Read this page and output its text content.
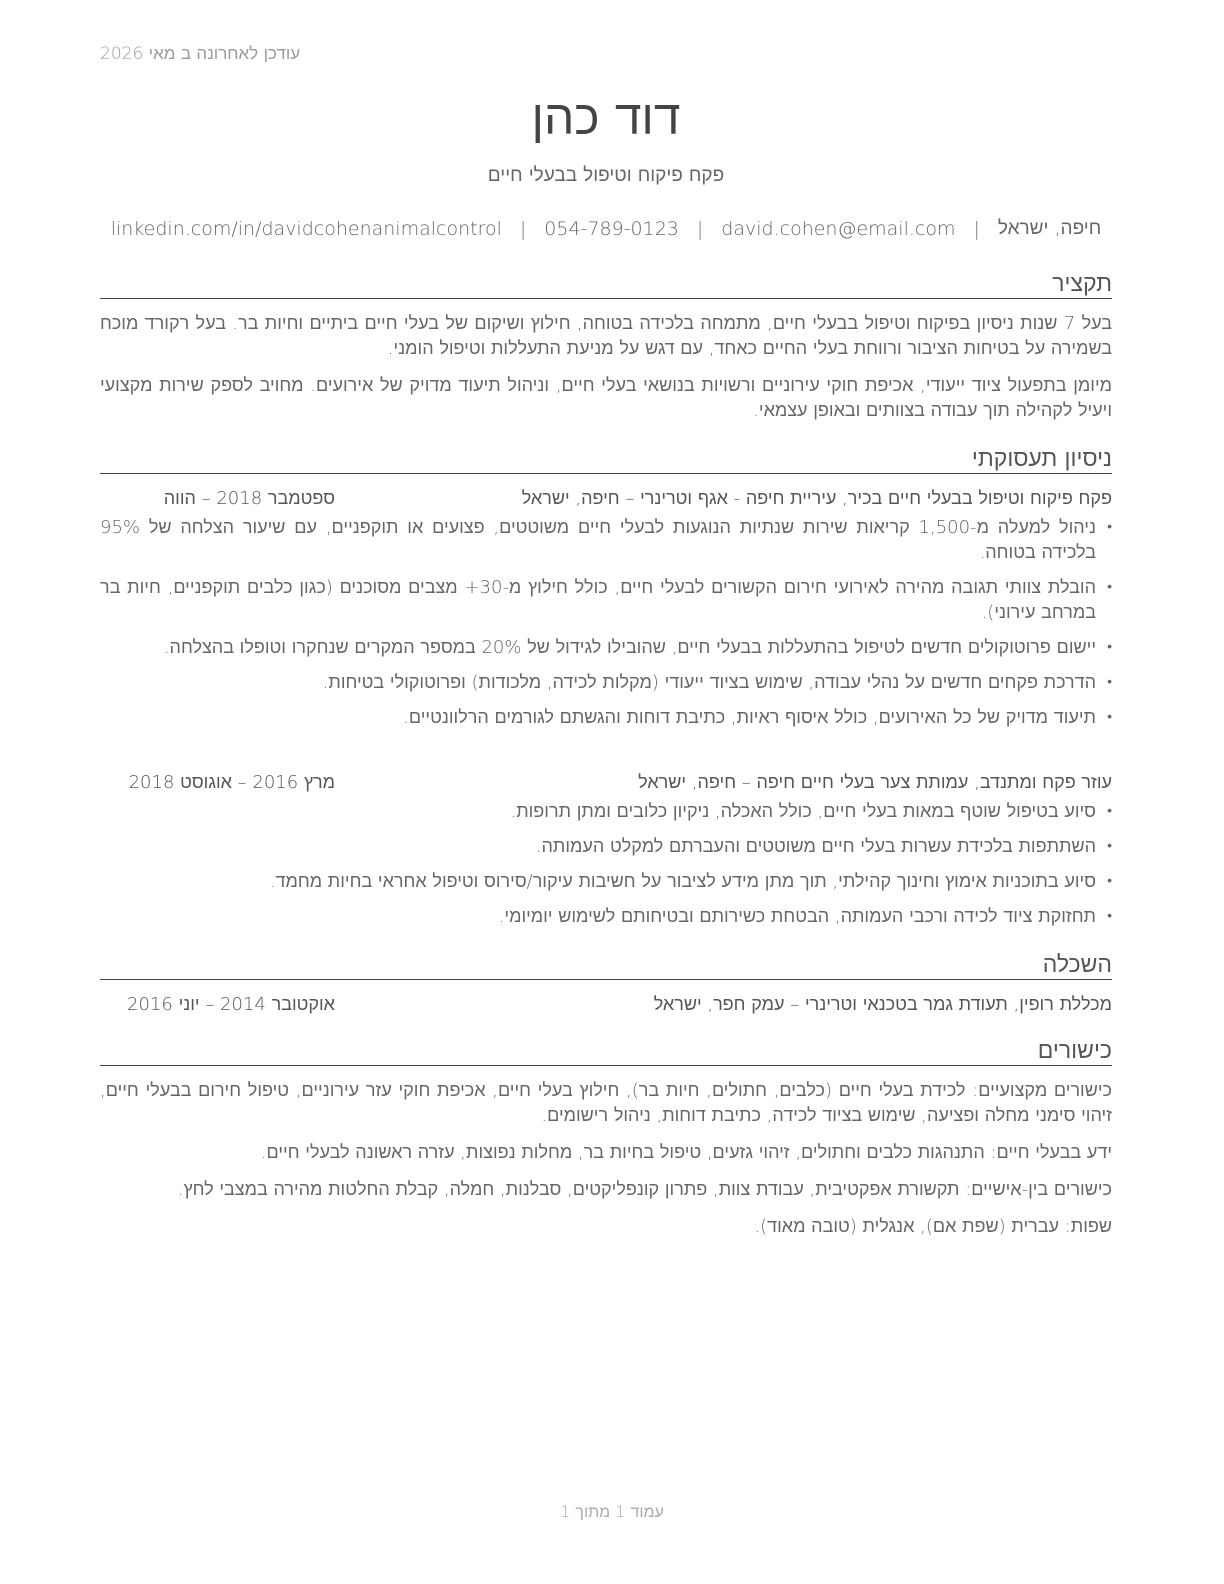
עודכן לאחרונה ב מאי 2026
דוד כהן
פקח פיקוח וטיפול בבעלי חיים
חיפה, ישראל
|
david.cohen@email.com
|
054-789-0123
|
linkedin.com/in/davidcohenanimalcontrol
תקציר
בעל 7 שנות ניסיון בפיקוח וטיפול בבעלי חיים, מתמחה בלכידה בטוחה, חילוץ ושיקום של בעלי חיים ביתיים וחיות בר. בעל רקורד מוכח בשמירה על בטיחות הציבור ורווחת בעלי החיים כאחד, עם דגש על מניעת התעללות וטיפול הומני.
מיומן בתפעול ציוד ייעודי, אכיפת חוקי עירוניים ורשויות בנושאי בעלי חיים, וניהול תיעוד מדויק של אירועים. מחויב לספק שירות מקצועי ויעיל לקהילה תוך עבודה בצוותים ובאופן עצמאי.
ניסיון תעסוקתי
פקח פיקוח וטיפול בבעלי חיים בכיר, עיריית חיפה - אגף וטרינרי – חיפה, ישראל
ספטמבר 2018 – הווה
•
ניהול למעלה מ-1,500 קריאות שירות שנתיות הנוגעות לבעלי חיים משוטטים, פצועים או תוקפניים, עם שיעור הצלחה של 95% בלכידה בטוחה.
•
הובלת צוותי תגובה מהירה לאירועי חירום הקשורים לבעלי חיים, כולל חילוץ מ-30+ מצבים מסוכנים (כגון כלבים תוקפניים, חיות בר במרחב עירוני).
•
יישום פרוטוקולים חדשים לטיפול בהתעללות בבעלי חיים, שהובילו לגידול של 20% במספר המקרים שנחקרו וטופלו בהצלחה.
•
הדרכת פקחים חדשים על נהלי עבודה, שימוש בציוד ייעודי (מקלות לכידה, מלכודות) ופרוטוקולי בטיחות.
•
תיעוד מדויק של כל האירועים, כולל איסוף ראיות, כתיבת דוחות והגשתם לגורמים הרלוונטיים.
עוזר פקח ומתנדב, עמותת צער בעלי חיים חיפה – חיפה, ישראל
מרץ 2016 – אוגוסט 2018
•
סיוע בטיפול שוטף במאות בעלי חיים, כולל האכלה, ניקיון כלובים ומתן תרופות.
•
השתתפות בלכידת עשרות בעלי חיים משוטטים והעברתם למקלט העמותה.
•
סיוע בתוכניות אימוץ וחינוך קהילתי, תוך מתן מידע לציבור על חשיבות עיקור/סירוס וטיפול אחראי בחיות מחמד.
•
תחזוקת ציוד לכידה ורכבי העמותה, הבטחת כשירותם ובטיחותם לשימוש יומיומי.
השכלה
מכללת רופין, תעודת גמר בטכנאי וטרינרי – עמק חפר, ישראל
אוקטובר 2014 – יוני 2016
כישורים

כישורים מקצועיים: לכידת בעלי חיים (כלבים, חתולים, חיות בר), חילוץ בעלי חיים, אכיפת חוקי עזר עירוניים, טיפול חירום בבעלי חיים, זיהוי סימני מחלה ופציעה, שימוש בציוד לכידה, כתיבת דוחות, ניהול רישומים.

ידע בבעלי חיים: התנהגות כלבים וחתולים, זיהוי גזעים, טיפול בחיות בר, מחלות נפוצות, עזרה ראשונה לבעלי חיים.

כישורים בין-אישיים: תקשורת אפקטיבית, עבודת צוות, פתרון קונפליקטים, סבלנות, חמלה, קבלת החלטות מהירה במצבי לחץ.

שפות: עברית (שפת אם), אנגלית (טובה מאוד).

עמוד 1 מתוך 1
